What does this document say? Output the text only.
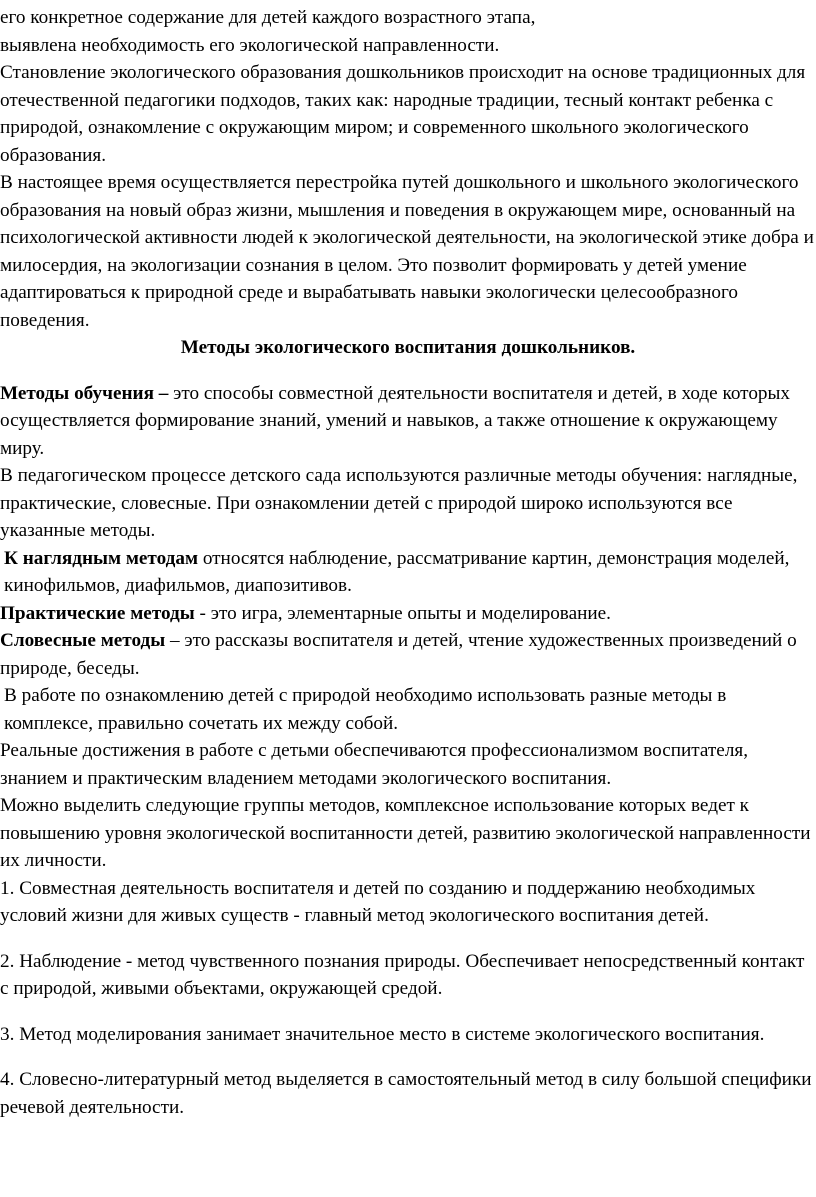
его конкретное содержание для детей каждого возрастного этапа,

выявлена необходимость его экологической направленности.

Становление экологического образования дошкольников происходит на основе традиционных для отечественной педагогики подходов, таких как: народные традиции, тесный контакт ребенка с природой, ознакомление с окружающим миром; и современного школьного экологического образования.

В настоящее время осуществляется перестройка путей дошкольного и школьного экологического образования на новый образ жизни, мышления и поведения в окружающем мире, основанный на психологической активности людей к экологической деятельности, на экологической этике добра и милосердия, на экологизации сознания в целом. Это позволит формировать у детей умение адаптироваться к природной среде и вырабатывать навыки экологически целесообразного поведения.

Методы экологического воспитания дошкольников.

Методы обучения – это способы совместной деятельности воспитателя и детей, в ходе которых осуществляется формирование знаний, умений и навыков, а также отношение к окружающему миру.

В педагогическом процессе детского сада используются различные методы обучения: наглядные, практические, словесные. При ознакомлении детей с природой широко используются все указанные методы.

К наглядным методам относятся наблюдение, рассматривание картин, демонстрация моделей, кинофильмов, диафильмов, диапозитивов.

Практические методы - это игра, элементарные опыты и моделирование.

Словесные методы – это рассказы воспитателя и детей, чтение художественных произведений о природе, беседы.

В работе по ознакомлению детей с природой необходимо использовать разные методы в комплексе, правильно сочетать их между собой.

Реальные достижения в работе с детьми обеспечиваются профессионализмом воспитателя, знанием и практическим владением методами экологического воспитания.

Можно выделить следующие группы методов, комплексное использование которых ведет к повышению уровня экологической воспитанности детей, развитию экологической направленности их личности.

1. Совместная деятельность воспитателя и детей по созданию и поддержанию необходимых условий жизни для живых существ - главный метод экологического воспитания детей.

2. Наблюдение - метод чувственного познания природы. Обеспечивает непосредственный контакт с природой, живыми объектами, окружающей средой.

3. Метод моделирования занимает значительное место в системе экологического воспитания.

4. Словесно-литературный метод выделяется в самостоятельный метод в силу большой специфики речевой деятельности.
